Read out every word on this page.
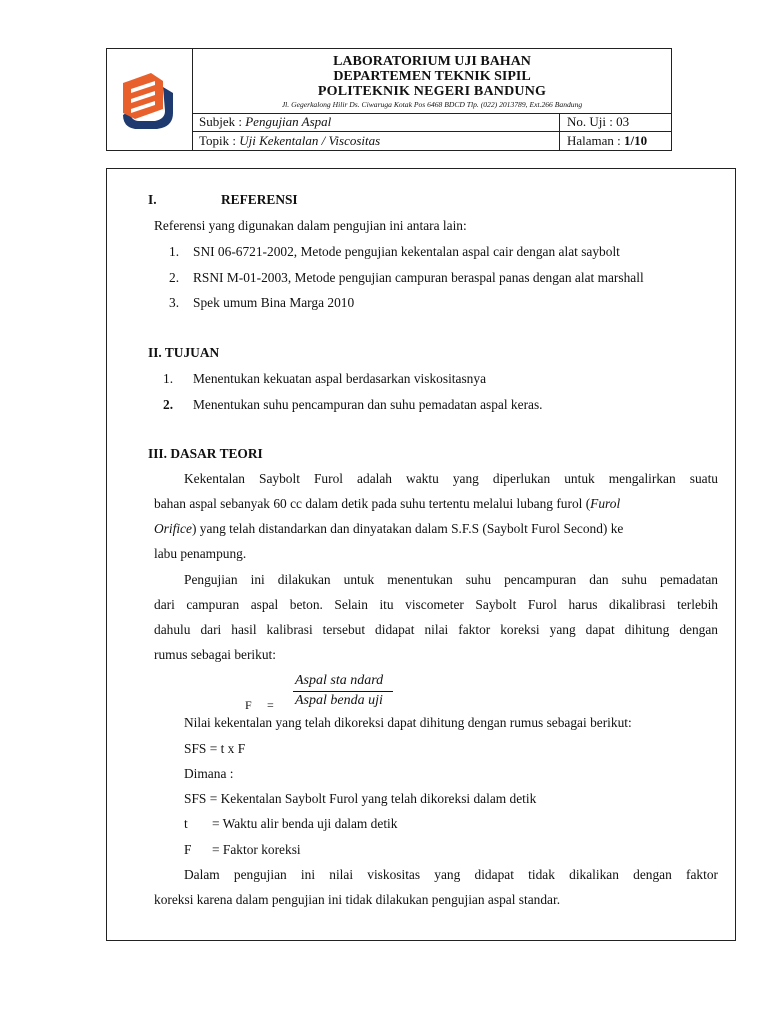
LABORATORIUM UJI BAHAN
DEPARTEMEN TEKNIK SIPIL
POLITEKNIK NEGERI BANDUNG
Jl. Gegerkalong Hilir Ds. Ciwaruga Kotak Pos 6468 BDCD Tlp. (022) 2013789, Ext.266 Bandung
Subjek : Pengujian Aspal	No. Uji : 03
Topik : Uji Kekentalan / Viscositas	Halaman : 1/10
I.	REFERENSI
Referensi yang digunakan dalam pengujian ini antara lain:
1. SNI 06-6721-2002, Metode pengujian kekentalan aspal cair dengan alat saybolt
2. RSNI M-01-2003, Metode pengujian campuran beraspal panas dengan alat marshall
3. Spek umum Bina Marga 2010
II. TUJUAN
1. Menentukan kekuatan aspal berdasarkan viskositasnya
2. Menentukan suhu pencampuran dan suhu pemadatan aspal keras.
III. DASAR TEORI
Kekentalan Saybolt Furol adalah waktu yang diperlukan untuk mengalirkan suatu
bahan aspal sebanyak 60 cc dalam detik pada suhu tertentu melalui lubang furol (Furol
Orifice) yang telah distandarkan dan dinyatakan dalam S.F.S (Saybolt Furol Second) ke
labu penampung.
Pengujian ini dilakukan untuk menentukan suhu pencampuran dan suhu pemadatan
dari campuran aspal beton. Selain itu viscometer Saybolt Furol harus dikalibrasi terlebih
dahulu dari hasil kalibrasi tersebut didapat nilai faktor koreksi yang dapat dihitung dengan
rumus sebagai berikut:
Aspal sta ndard
Aspal benda uji
F =
Nilai kekentalan yang telah dikoreksi dapat dihitung dengan rumus sebagai berikut:
SFS = t x F
Dimana :
SFS = Kekentalan Saybolt Furol yang telah dikoreksi dalam detik
t = Waktu alir benda uji dalam detik
F = Faktor koreksi
Dalam pengujian ini nilai viskositas yang didapat tidak dikalikan dengan faktor
koreksi karena dalam pengujian ini tidak dilakukan pengujian aspal standar.
